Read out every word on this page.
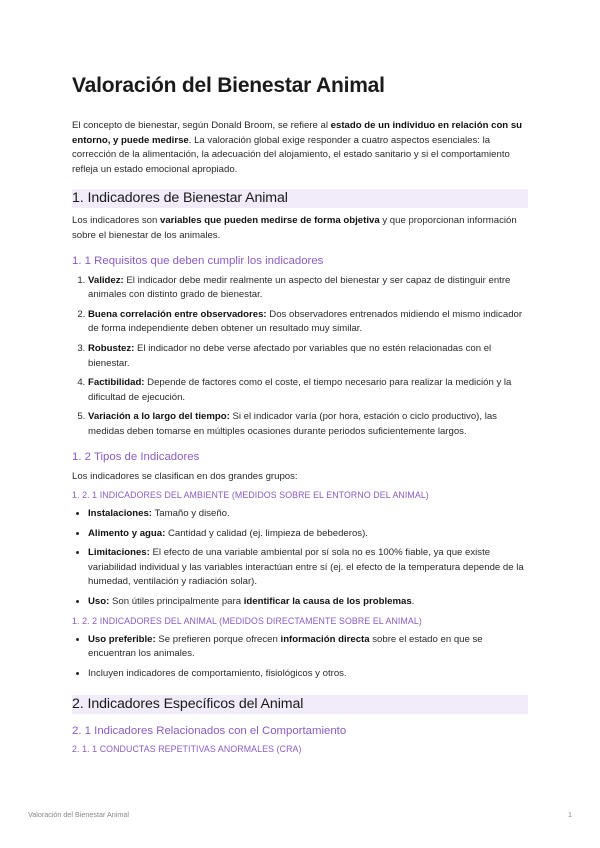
Valoración del Bienestar Animal

El concepto de bienestar, según Donald Broom, se refiere al estado de un individuo en relación con su entorno, y puede medirse. La valoración global exige responder a cuatro aspectos esenciales: la corrección de la alimentación, la adecuación del alojamiento, el estado sanitario y si el comportamiento refleja un estado emocional apropiado.

1. Indicadores de Bienestar Animal

Los indicadores son variables que pueden medirse de forma objetiva y que proporcionan información sobre el bienestar de los animales.

1. 1 Requisitos que deben cumplir los indicadores
1. Validez: El indicador debe medir realmente un aspecto del bienestar y ser capaz de distinguir entre animales con distinto grado de bienestar.
2. Buena correlación entre observadores: Dos observadores entrenados midiendo el mismo indicador de forma independiente deben obtener un resultado muy similar.
3. Robustez: El indicador no debe verse afectado por variables que no estén relacionadas con el bienestar.
4. Factibilidad: Depende de factores como el coste, el tiempo necesario para realizar la medición y la dificultad de ejecución.
5. Variación a lo largo del tiempo: Si el indicador varía (por hora, estación o ciclo productivo), las medidas deben tomarse en múltiples ocasiones durante periodos suficientemente largos.
1. 2 Tipos de Indicadores

Los indicadores se clasifican en dos grandes grupos:

1. 2. 1 INDICADORES DEL AMBIENTE (MEDIDOS SOBRE EL ENTORNO DEL ANIMAL)
• Instalaciones: Tamaño y diseño.
• Alimento y agua: Cantidad y calidad (ej. limpieza de bebederos).
• Limitaciones: El efecto de una variable ambiental por sí sola no es 100% fiable, ya que existe variabilidad individual y las variables interactúan entre sí (ej. el efecto de la temperatura depende de la humedad, ventilación y radiación solar).
• Uso: Son útiles principalmente para identificar la causa de los problemas.
1. 2. 2 INDICADORES DEL ANIMAL (MEDIDOS DIRECTAMENTE SOBRE EL ANIMAL)
• Uso preferible: Se prefieren porque ofrecen información directa sobre el estado en que se encuentran los animales.
• Incluyen indicadores de comportamiento, fisiológicos y otros.
2. Indicadores Específicos del Animal
2. 1 Indicadores Relacionados con el Comportamiento
2. 1. 1 CONDUCTAS REPETITIVAS ANORMALES (CRA)
Valoración del Bienestar Animal	1
